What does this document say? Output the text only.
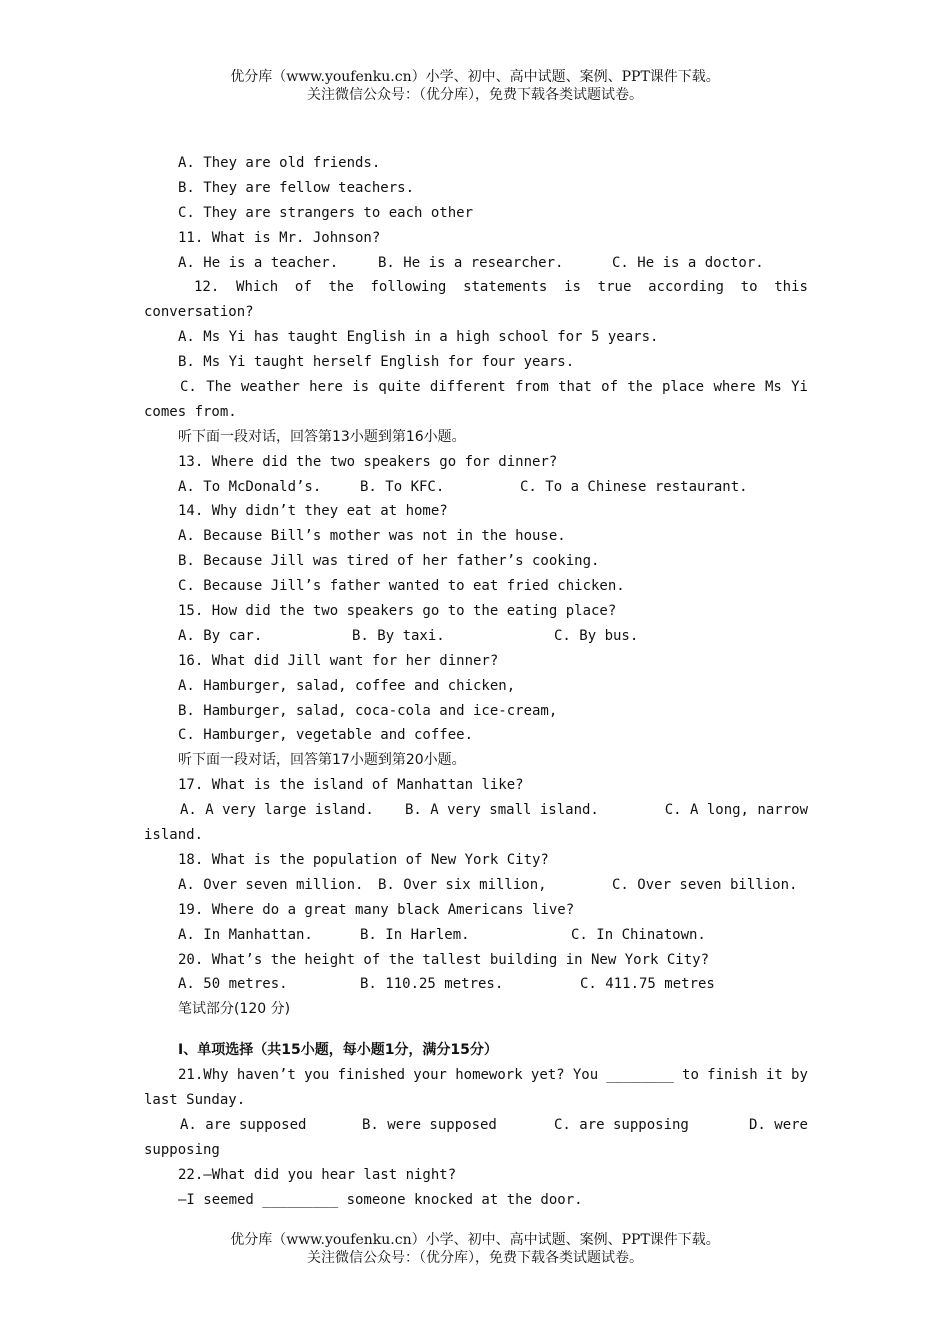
优分库（www.youfenku.cn）小学、初中、高中试题、案例、PPT课件下载。
关注微信公众号：（优分库），免费下载各类试题试卷。
A. They are old friends.
B. They are fellow teachers.
C. They are strangers to each other
11. What is Mr. Johnson?

A. He is a teacher.

	B. He is a researcher.

	C. He is a doctor.

12. Which of the following statements is true according to this
conversation?
A. Ms Yi has taught English in a high school for 5 years.
B. Ms Yi taught herself English for four years.
C. The weather here is quite different from that of the place where Ms Yi
comes from.
听下面一段对话，回答第13小题到第16小题。
13. Where did the two speakers go for dinner?

A. To McDonald’s.

	B. To KFC.

	C. To a Chinese restaurant.

14. Why didn’t they eat at home?
A. Because Bill’s mother was not in the house.
B. Because Jill was tired of her father’s cooking.
C. Because Jill’s father wanted to eat fried chicken.
15. How did the two speakers go to the eating place?

A. By car.

	B. By taxi.

	C. By bus.

16. What did Jill want for her dinner?
A. Hamburger, salad, coffee and chicken,
B. Hamburger, salad, coca-cola and ice-cream,
C. Hamburger, vegetable and coffee.
听下面一段对话，回答第17小题到第20小题。
17. What is the island of Manhattan like?

A. A very large island.

B. A very small island.

	C. A long, narrow

island.
18. What is the population of New York City?

A. Over seven million.

B. Over six million,

	C. Over seven billion.

19. Where do a great many black Americans live?

A. In Manhattan.

	B. In Harlem.

	C. In Chinatown.

20. What’s the height of the tallest building in New York City?

A. 50 metres.

	B. 110.25 metres.

	C. 411.75 metres

笔试部分(120 分)
I、单项选择（共15小题，每小题1分，满分15分）
21.Why haven’t you finished your homework yet? You ________ to finish it by
last Sunday.

A. are supposed

	B. were supposed

	C. are supposing

	D. were

supposing
22.—What did you hear last night?
—I seemed _________ someone knocked at the door.
优分库（www.youfenku.cn）小学、初中、高中试题、案例、PPT课件下载。
关注微信公众号：（优分库），免费下载各类试题试卷。
